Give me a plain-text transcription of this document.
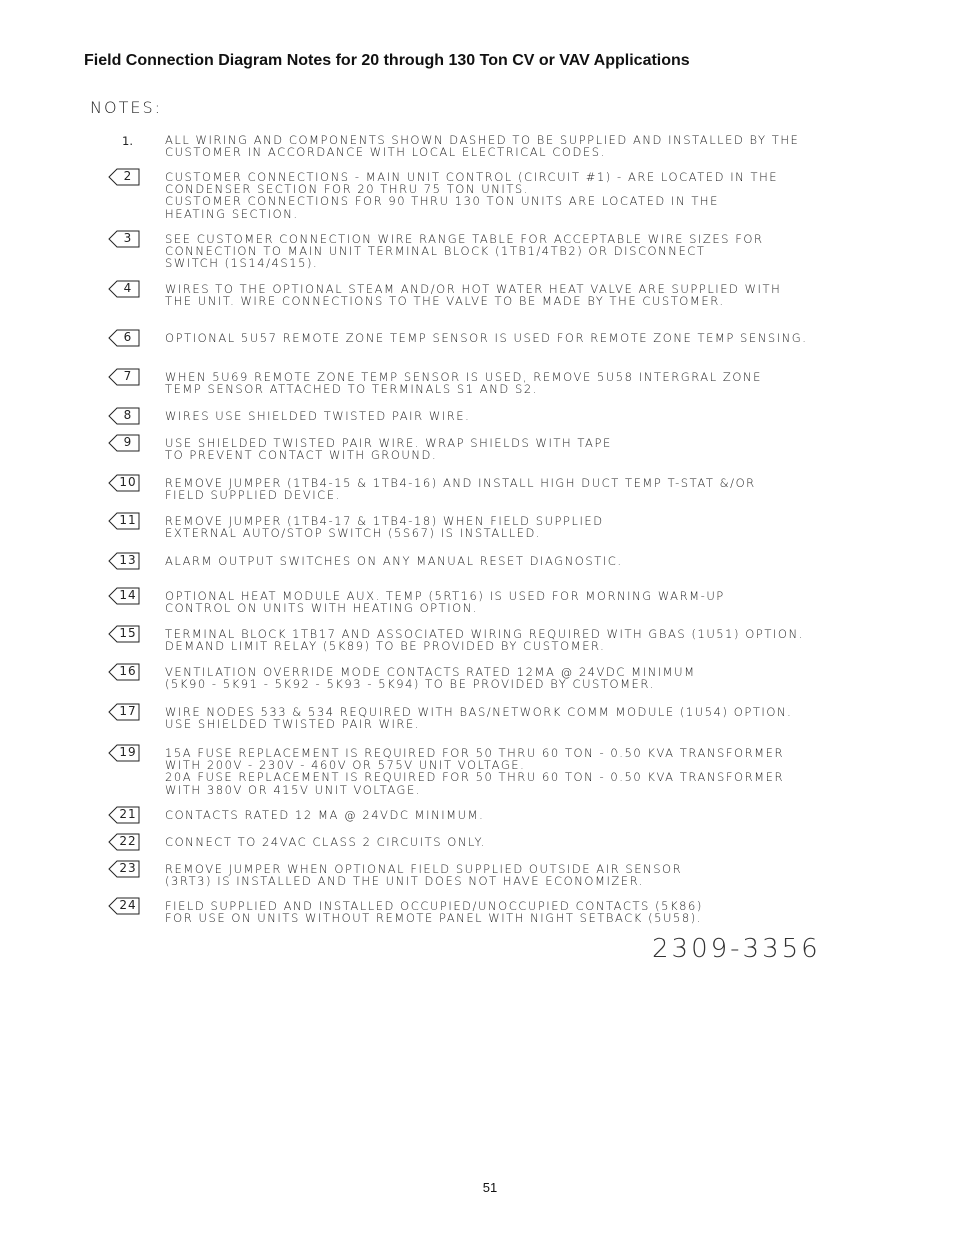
Field Connection Diagram Notes for 20 through 130 Ton CV or VAV Applications
NOTES:
1.	ALL WIRING AND COMPONENTS SHOWN DASHED TO BE SUPPLIED AND INSTALLED BY THE
CUSTOMER IN ACCORDANCE WITH LOCAL ELECTRICAL CODES.
2	CUSTOMER CONNECTIONS - MAIN UNIT CONTROL (CIRCUIT #1) - ARE LOCATED IN THE
CONDENSER SECTION FOR 20 THRU 75 TON UNITS.
CUSTOMER CONNECTIONS FOR 90 THRU 130 TON UNITS ARE LOCATED IN THE
HEATING SECTION.
3	SEE CUSTOMER CONNECTION WIRE RANGE TABLE FOR ACCEPTABLE WIRE SIZES FOR
CONNECTION TO MAIN UNIT TERMINAL BLOCK (1TB1/4TB2) OR DISCONNECT
SWITCH (1S14/4S15).
4	WIRES TO THE OPTIONAL STEAM AND/OR HOT WATER HEAT VALVE ARE SUPPLIED WITH
THE UNIT. WIRE CONNECTIONS TO THE VALVE TO BE MADE BY THE CUSTOMER.
6	OPTIONAL 5U57 REMOTE ZONE TEMP SENSOR IS USED FOR REMOTE ZONE TEMP SENSING.
7	WHEN 5U69 REMOTE ZONE TEMP SENSOR IS USED, REMOVE 5U58 INTERGRAL ZONE
TEMP SENSOR ATTACHED TO TERMINALS S1 AND S2.
8	WIRES USE SHIELDED TWISTED PAIR WIRE.
9	USE SHIELDED TWISTED PAIR WIRE. WRAP SHIELDS WITH TAPE
TO PREVENT CONTACT WITH GROUND.
10 REMOVE JUMPER (1TB4-15 & 1TB4-16) AND INSTALL HIGH DUCT TEMP T-STAT &/OR
FIELD SUPPLIED DEVICE.
11 REMOVE JUMPER (1TB4-17 & 1TB4-18) WHEN FIELD SUPPLIED
EXTERNAL AUTO/STOP SWITCH (5S67) IS INSTALLED.
13 ALARM OUTPUT SWITCHES ON ANY MANUAL RESET DIAGNOSTIC.
14 OPTIONAL HEAT MODULE AUX. TEMP (5RT16) IS USED FOR MORNING WARM-UP
CONTROL ON UNITS WITH HEATING OPTION.
15 TERMINAL BLOCK 1TB17 AND ASSOCIATED WIRING REQUIRED WITH GBAS (1U51) OPTION.
DEMAND LIMIT RELAY (5K89) TO BE PROVIDED BY CUSTOMER.
16 VENTILATION OVERRIDE MODE CONTACTS RATED 12MA @ 24VDC MINIMUM
(5K90 - 5K91 - 5K92 - 5K93 - 5K94) TO BE PROVIDED BY CUSTOMER.
17 WIRE NODES 533 & 534 REQUIRED WITH BAS/NETWORK COMM MODULE (1U54) OPTION.
USE SHIELDED TWISTED PAIR WIRE.
19 15A FUSE REPLACEMENT IS REQUIRED FOR 50 THRU 60 TON - 0.50 KVA TRANSFORMER
WITH 200V - 230V - 460V OR 575V UNIT VOLTAGE.
20A FUSE REPLACEMENT IS REQUIRED FOR 50 THRU 60 TON - 0.50 KVA TRANSFORMER
WITH 380V OR 415V UNIT VOLTAGE.
21 CONTACTS RATED 12 MA @ 24VDC MINIMUM.
22 CONNECT TO 24VAC CLASS 2 CIRCUITS ONLY.
23 REMOVE JUMPER WHEN OPTIONAL FIELD SUPPLIED OUTSIDE AIR SENSOR
(3RT3) IS INSTALLED AND THE UNIT DOES NOT HAVE ECONOMIZER.
24 FIELD SUPPLIED AND INSTALLED OCCUPIED/UNOCCUPIED CONTACTS (5K86)
FOR USE ON UNITS WITHOUT REMOTE PANEL WITH NIGHT SETBACK (5U58).
2309-3356
51
